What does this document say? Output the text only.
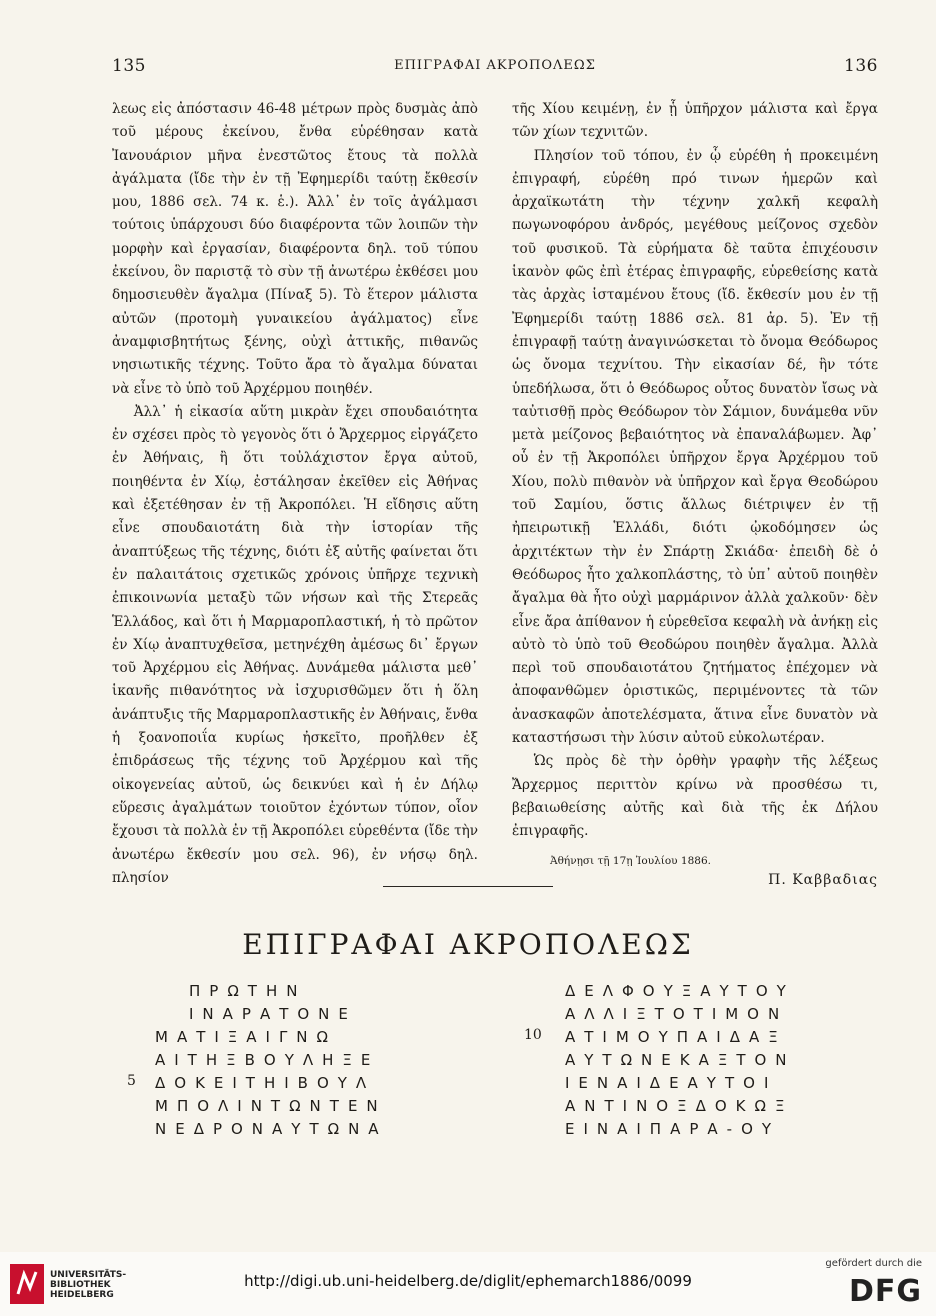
135	ΕΠΙΓΡΑΦΑΙ ΑΚΡΟΠΟΛΕΩΣ	136

λεως εἰς ἀπόστασιν 46-48 μέτρων πρὸς δυσμὰς ἀπὸ τοῦ μέρους ἐκείνου, ἔνθα εὑρέθησαν κατὰ Ἰανουάριον μῆνα ἐνεστῶτος ἔτους τὰ πολλὰ ἀγάλματα (ἴδε τὴν ἐν τῇ Ἐφημερίδι ταύτῃ ἔκθεσίν μου, 1886 σελ. 74 κ. ἑ.). Ἀλλ᾽ ἐν τοῖς ἀγάλμασι τούτοις ὑπάρχουσι δύο διαφέροντα τῶν λοιπῶν τὴν μορφὴν καὶ ἐργασίαν, διαφέροντα δηλ. τοῦ τύπου ἐκείνου, ὃν παριστᾷ τὸ σὺν τῇ ἀνωτέρω ἐκθέσει μου δημοσιευθὲν ἄγαλμα (Πίναξ 5). Τὸ ἕτερον μάλιστα αὐτῶν (προτομὴ γυναικείου ἀγάλματος) εἶνε ἀναμφισβητήτως ξένης, οὐχὶ ἀττικῆς, πιθανῶς νησιωτικῆς τέχνης. Τοῦτο ἄρα τὸ ἄγαλμα δύναται νὰ εἶνε τὸ ὑπὸ τοῦ Ἀρχέρμου ποιηθέν.

Ἀλλ᾽ ἡ εἰκασία αὕτη μικρὰν ἔχει σπουδαιότητα ἐν σχέσει πρὸς τὸ γεγονὸς ὅτι ὁ Ἄρχερμος εἰργάζετο ἐν Ἀθήναις, ἢ ὅτι τοὐλάχιστον ἔργα αὐτοῦ, ποιηθέντα ἐν Χίῳ, ἐστάλησαν ἐκεῖθεν εἰς Ἀθήνας καὶ ἐξετέθησαν ἐν τῇ Ἀκροπόλει. Ἡ εἴδησις αὕτη εἶνε σπουδαιοτάτη διὰ τὴν ἱστορίαν τῆς ἀναπτύξεως τῆς τέχνης, διότι ἐξ αὐτῆς φαίνεται ὅτι ἐν παλαιτάτοις σχετικῶς χρόνοις ὑπῆρχε τεχνικὴ ἐπικοινωνία μεταξὺ τῶν νήσων καὶ τῆς Στερεᾶς Ἑλλάδος, καὶ ὅτι ἡ Μαρμαροπλαστική, ἡ τὸ πρῶτον ἐν Χίῳ ἀναπτυχθεῖσα, μετηνέχθη ἀμέσως δι᾽ ἔργων τοῦ Ἀρχέρμου εἰς Ἀθήνας. Δυνάμεθα μάλιστα μεθ᾽ ἱκανῆς πιθανότητος νὰ ἰσχυρισθῶμεν ὅτι ἡ ὅλη ἀνάπτυξις τῆς Μαρμαροπλαστικῆς ἐν Ἀθήναις, ἔνθα ἡ ξοανοποιΐα κυρίως ἠσκεῖτο, προῆλθεν ἐξ ἐπιδράσεως τῆς τέχνης τοῦ Ἀρχέρμου καὶ τῆς οἰκογενείας αὐτοῦ, ὡς δεικνύει καὶ ἡ ἐν Δήλῳ εὕρεσις ἀγαλμάτων τοιοῦτον ἐχόντων τύπον, οἷον ἔχουσι τὰ πολλὰ ἐν τῇ Ἀκροπόλει εὑρεθέντα (ἴδε τὴν ἀνωτέρω ἔκθεσίν μου σελ. 96), ἐν νήσῳ δηλ. πλησίον

τῆς Χίου κειμένῃ, ἐν ᾗ ὑπῆρχον μάλιστα καὶ ἔργα τῶν χίων τεχνιτῶν.

Πλησίον τοῦ τόπου, ἐν ᾧ εὑρέθη ἡ προκειμένη ἐπιγραφή, εὑρέθη πρό τινων ἡμερῶν καὶ ἀρχαϊκωτάτη τὴν τέχνην χαλκῆ κεφαλὴ πωγωνοφόρου ἀνδρός, μεγέθους μείζονος σχεδὸν τοῦ φυσικοῦ. Τὰ εὑρήματα δὲ ταῦτα ἐπιχέουσιν ἱκανὸν φῶς ἐπὶ ἑτέρας ἐπιγραφῆς, εὑρεθείσης κατὰ τὰς ἀρχὰς ἱσταμένου ἔτους (ἴδ. ἔκθεσίν μου ἐν τῇ Ἐφημερίδι ταύτῃ 1886 σελ. 81 ἀρ. 5). Ἐν τῇ ἐπιγραφῇ ταύτῃ ἀναγινώσκεται τὸ ὄνομα Θεόδωρος ὡς ὄνομα τεχνίτου. Τὴν εἰκασίαν δέ, ἣν τότε ὑπεδήλωσα, ὅτι ὁ Θεόδωρος οὗτος δυνατὸν ἴσως νὰ ταὐτισθῇ πρὸς Θεόδωρον τὸν Σάμιον, δυνάμεθα νῦν μετὰ μείζονος βεβαιότητος νὰ ἐπαναλάβωμεν. Ἀφ᾽ οὗ ἐν τῇ Ἀκροπόλει ὑπῆρχον ἔργα Ἀρχέρμου τοῦ Χίου, πολὺ πιθανὸν νὰ ὑπῆρχον καὶ ἔργα Θεοδώρου τοῦ Σαμίου, ὅστις ἄλλως διέτριψεν ἐν τῇ ἠπειρωτικῇ Ἑλλάδι, διότι ᾠκοδόμησεν ὡς ἀρχιτέκτων τὴν ἐν Σπάρτῃ Σκιάδα· ἐπειδὴ δὲ ὁ Θεόδωρος ἦτο χαλκοπλάστης, τὸ ὑπ᾽ αὐτοῦ ποιηθὲν ἄγαλμα θὰ ἦτο οὐχὶ μαρμάρινον ἀλλὰ χαλκοῦν· δὲν εἶνε ἄρα ἀπίθανον ἡ εὑρεθεῖσα κεφαλὴ νὰ ἀνήκῃ εἰς αὐτὸ τὸ ὑπὸ τοῦ Θεοδώρου ποιηθὲν ἄγαλμα. Ἀλλὰ περὶ τοῦ σπουδαιοτάτου ζητήματος ἐπέχομεν νὰ ἀποφανθῶμεν ὁριστικῶς, περιμένοντες τὰ τῶν ἀνασκαφῶν ἀποτελέσματα, ἅτινα εἶνε δυνατὸν νὰ καταστήσωσι τὴν λύσιν αὐτοῦ εὐκολωτέραν.

Ὡς πρὸς δὲ τὴν ὀρθὴν γραφὴν τῆς λέξεως Ἄρχερμος περιττὸν κρίνω νὰ προσθέσω τι, βεβαιωθείσης αὐτῆς καὶ διὰ τῆς ἐκ Δήλου ἐπιγραφῆς.

Ἀθήνῃσι τῇ 17ῃ Ἰουλίου 1886.
Π. Καββαδιας
ΕΠΙΓΡΑΦΑΙ ΑΚΡΟΠΟΛΕΩΣ
ΠΡΩΤΗΝ
ΙΝΑΡΑΤΟΝΕ
ΜΑΤΙΞΑΙΓΝΩ
ΑΙΤΗΞΒΟΥΛΗΞΕ
ΔΟΚΕΙΤΗΙΒΟΥΛ
ΜΠΟΛΙΝΤΩΝΤΕΝ
ΝΕΔΡΟΝΑΥΤΩΝΑ
5
ΔΕΛΦΟΥΞΑΥΤΟΥ
ΑΛΛΙΞΤΟΤΙΜΟΝ
ΑΤΙΜΟΥΠΑΙΔΑΞ
ΑΥΤΩΝΕΚΑΞΤΟΝ
ΙΕΝΑΙΔΕΑΥΤΟΙ
ΑΝΤΙΝΟΞΔΟΚΩΞ
ΕΙΝΑΙΠΑΡΑ-ΟΥ
10
UNIVERSITÄTS-
BIBLIOTHEK
HEIDELBERG
http://digi.ub.uni-heidelberg.de/diglit/ephemarch1886/0099
gefördert durch die
DFG
